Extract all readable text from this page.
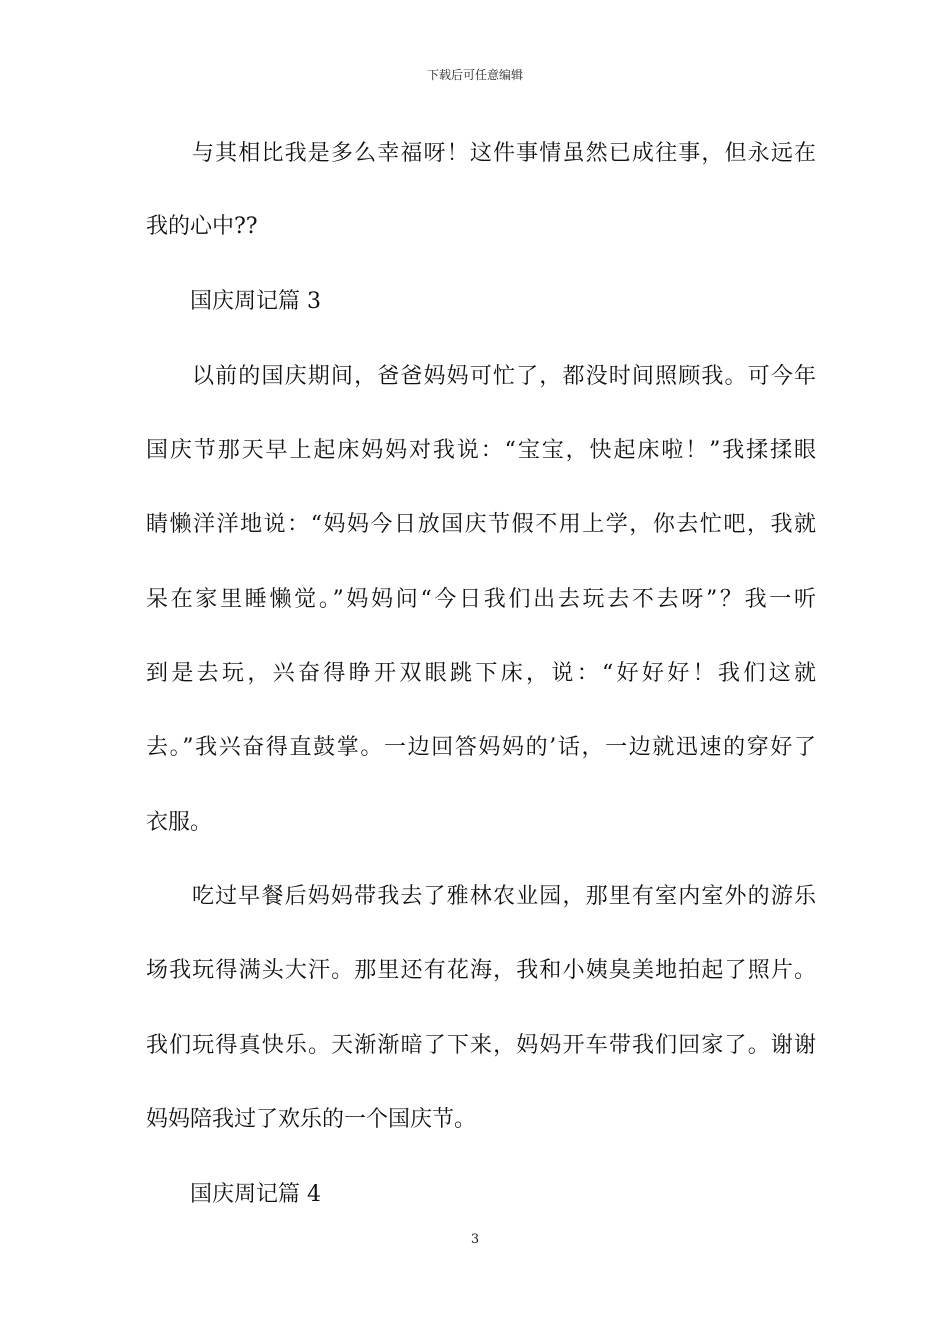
下载后可任意编辑
与其相比我是多么幸福呀！这件事情虽然已成往事，但永远在
我的心中??
国庆周记篇 3
以前的国庆期间，爸爸妈妈可忙了，都没时间照顾我。可今年
国庆节那天早上起床妈妈对我说：“宝宝，快起床啦！”我揉揉眼
睛懒洋洋地说：“妈妈今日放国庆节假不用上学，你去忙吧，我就
呆在家里睡懒觉。”妈妈问“今日我们出去玩去不去呀”？我一听
到是去玩，兴奋得睁开双眼跳下床，说：“好好好！我们这就
去。”我兴奋得直鼓掌。一边回答妈妈的’话，一边就迅速的穿好了
衣服。
吃过早餐后妈妈带我去了雅林农业园，那里有室内室外的游乐
场我玩得满头大汗。那里还有花海，我和小姨臭美地拍起了照片。
我们玩得真快乐。天渐渐暗了下来，妈妈开车带我们回家了。谢谢
妈妈陪我过了欢乐的一个国庆节。
国庆周记篇 4
3
